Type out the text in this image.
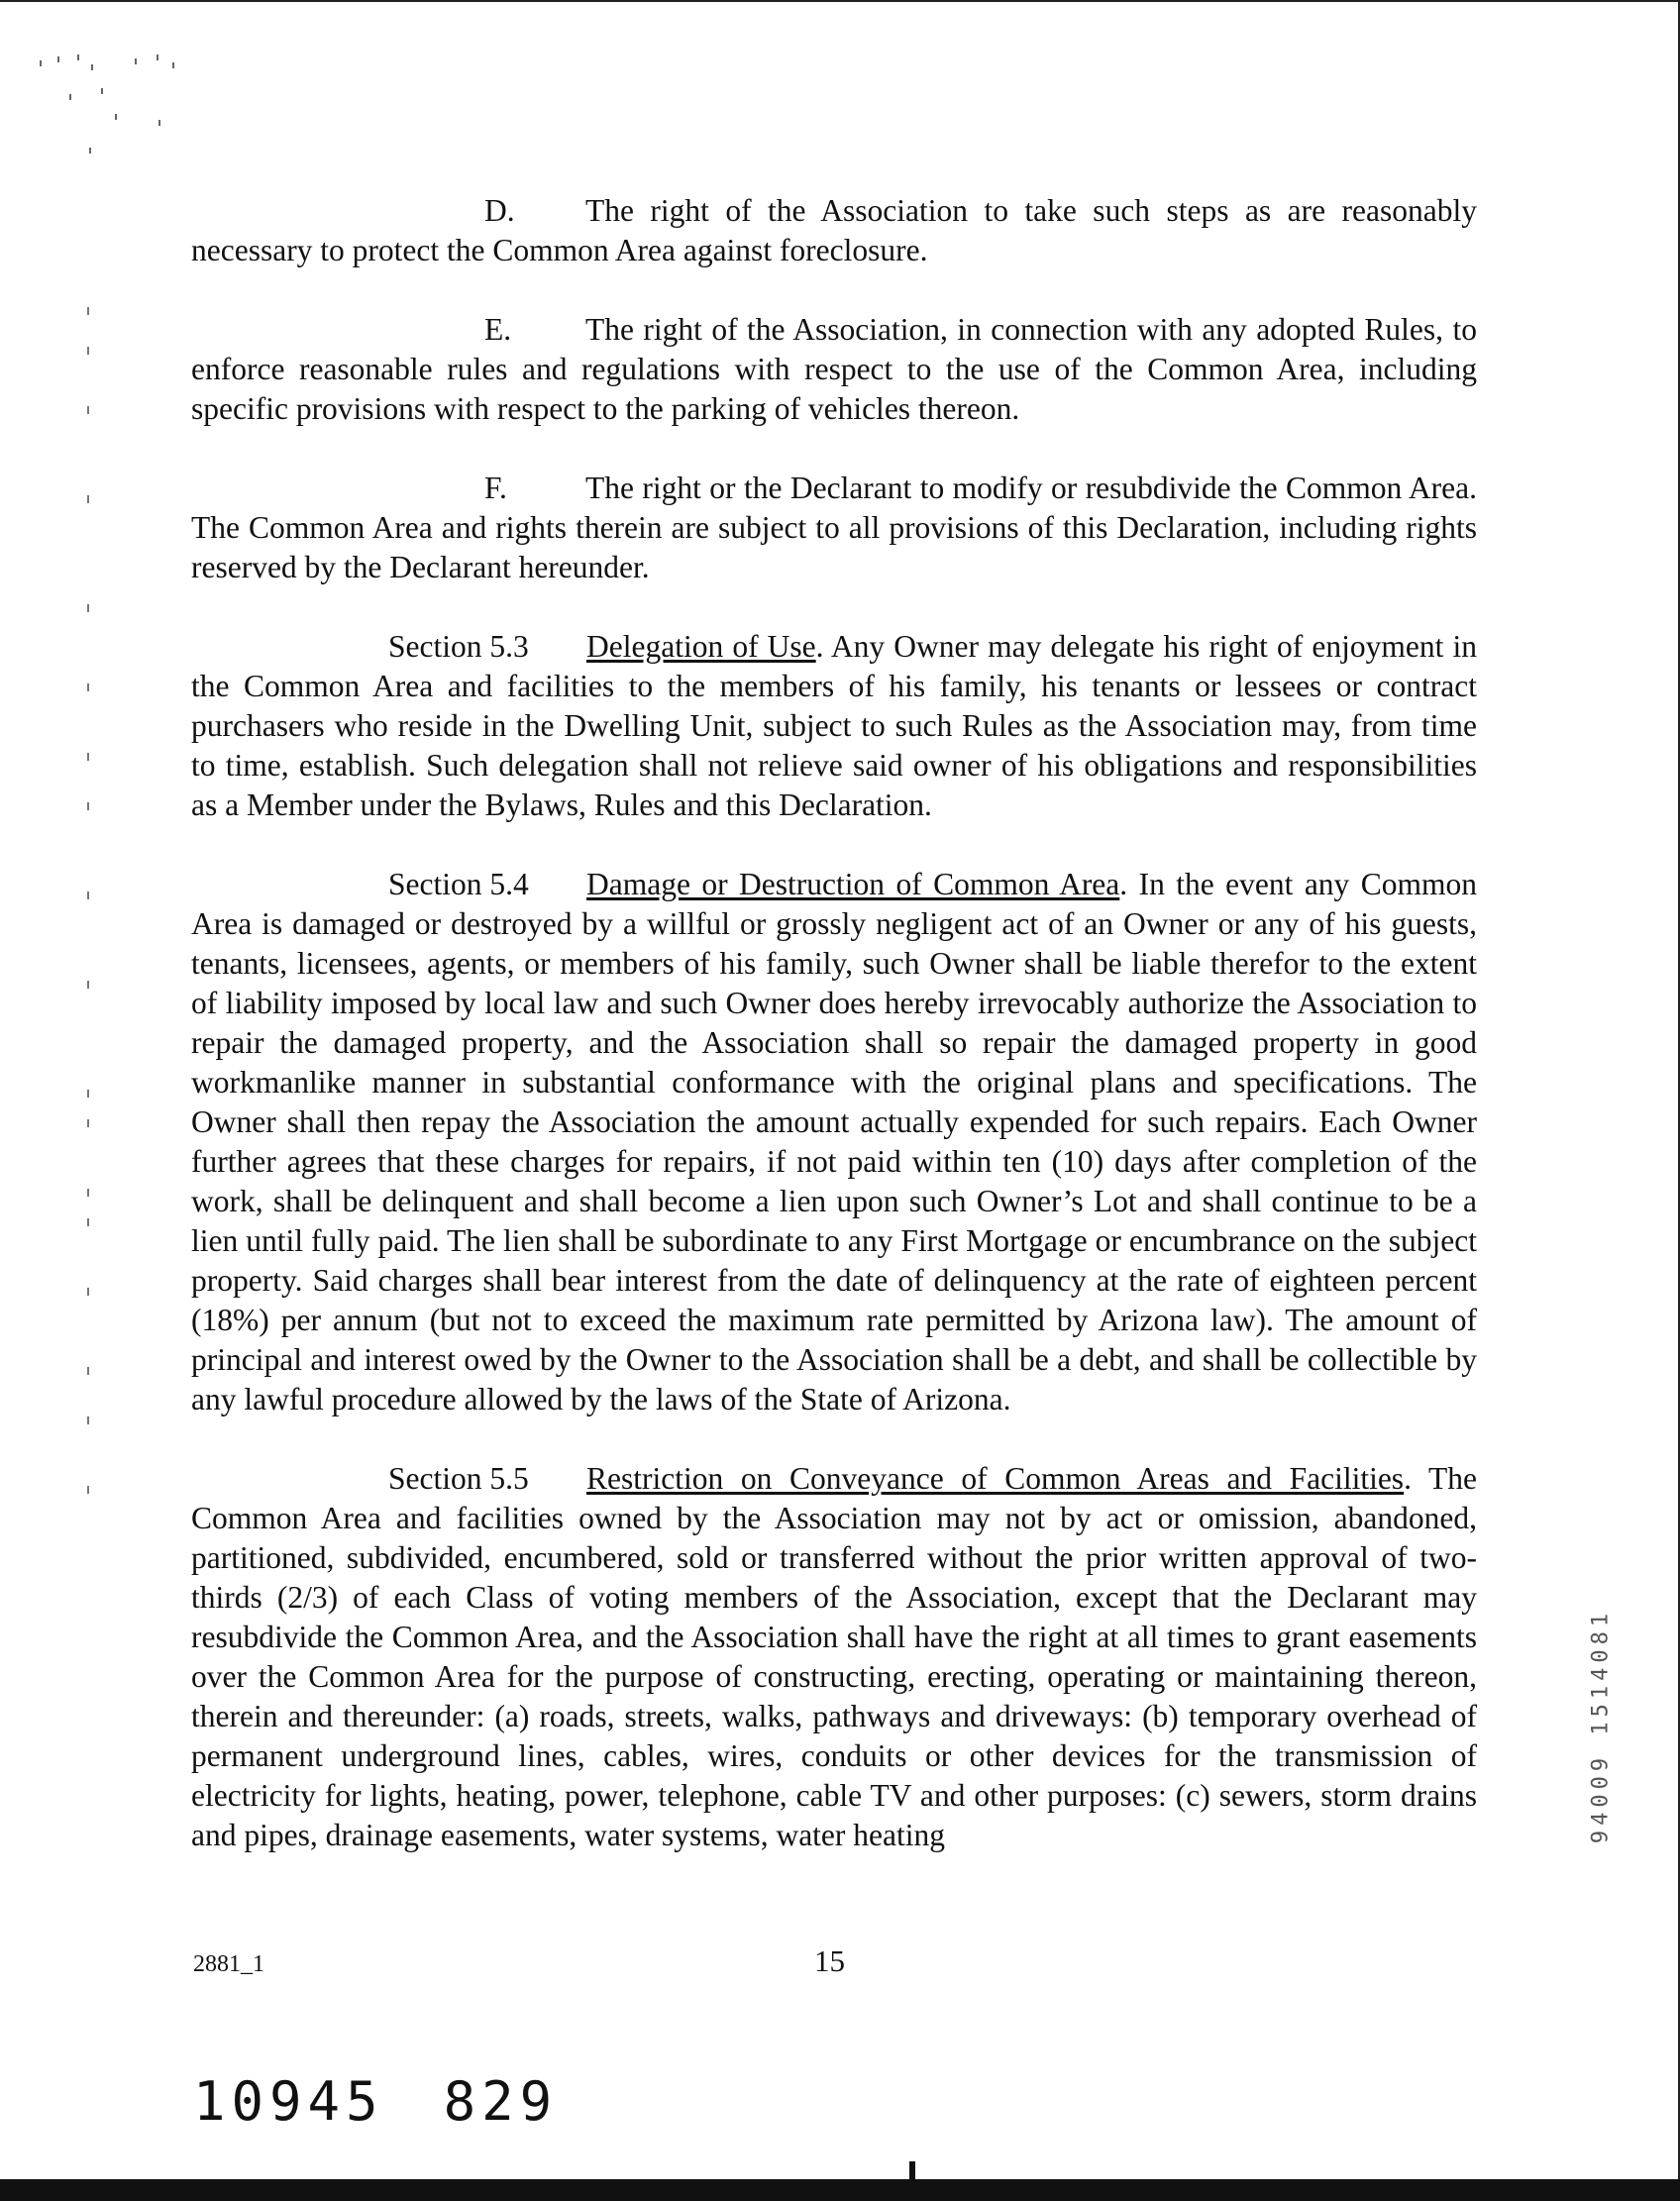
D. The right of the Association to take such steps as are reasonably necessary to protect the Common Area against foreclosure.

E. The right of the Association, in connection with any adopted Rules, to enforce reasonable rules and regulations with respect to the use of the Common Area, including specific provisions with respect to the parking of vehicles thereon.

F.	The right or the Declarant to modify or resubdivide the Common Area. The Common Area and rights therein are subject to all provisions of this Declaration, including rights reserved by the Declarant hereunder.

Section 5.3 Delegation of Use. Any Owner may delegate his right of enjoyment in the Common Area and facilities to the members of his family, his tenants or lessees or contract purchasers who reside in the Dwelling Unit, subject to such Rules as the Association may, from time to time, establish. Such delegation shall not relieve said owner of his obligations and responsibilities as a Member under the Bylaws, Rules and this Declaration.

Section 5.4 Damage or Destruction of Common Area. In the event any Common Area is damaged or destroyed by a willful or grossly negligent act of an Owner or any of his guests, tenants, licensees, agents, or members of his family, such Owner shall be liable therefor to the extent of liability imposed by local law and such Owner does hereby irrevocably authorize the Association to repair the damaged property, and the Association shall so repair the damaged property in good workmanlike manner in substantial conformance with the original plans and specifications. The Owner shall then repay the Association the amount actually expended for such repairs. Each Owner further agrees that these charges for repairs, if not paid within ten (10) days after completion of the work, shall be delinquent and shall become a lien upon such Owner’s Lot and shall continue to be a lien until fully paid. The lien shall be subordinate to any First Mortgage or encumbrance on the subject property. Said charges shall bear interest from the date of delinquency at the rate of eighteen percent (18%) per annum (but not to exceed the maximum rate permitted by Arizona law). The amount of principal and interest owed by the Owner to the Association shall be a debt, and shall be collectible by any lawful procedure allowed by the laws of the State of Arizona.

Section 5.5 Restriction on Conveyance of Common Areas and Facilities. The Common Area and facilities owned by the Association may not by act or omission, abandoned, partitioned, subdivided, encumbered, sold or transferred without the prior written approval of two-thirds (2/3) of each Class of voting members of the Association, except that the Declarant may resubdivide the Common Area, and the Association shall have the right at all times to grant easements over the Common Area for the purpose of constructing, erecting, operating or maintaining thereon, therein and thereunder: (a) roads, streets, walks, pathways and driveways: (b) temporary overhead of permanent underground lines, cables, wires, conduits or other devices for the transmission of electricity for lights, heating, power, telephone, cable TV and other purposes: (c) sewers, storm drains and pipes, drainage easements, water systems, water heating

2881_1	15
10945 829
94009 1514081
